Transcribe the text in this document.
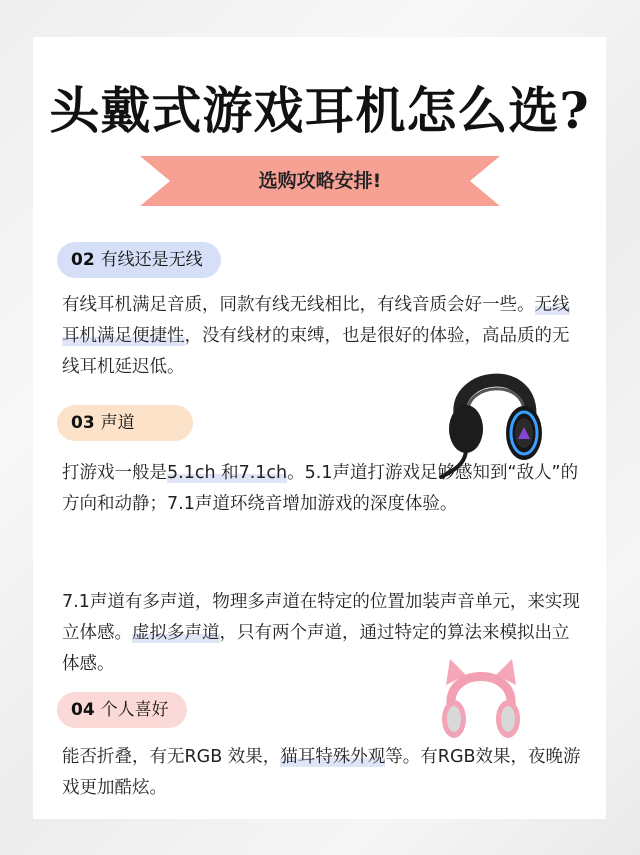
头戴式游戏耳机怎么选?
选购攻略安排!
02 有线还是无线

有线耳机满足音质，同款有线无线相比，有线音质会好一些。无线耳机满足便捷性，没有线材的束缚，也是很好的体验，高品质的无线耳机延迟低。

03 声道

打游戏一般是5.1ch 和7.1ch。5.1声道打游戏足够感知到“敌人”的方向和动静；7.1声道环绕音增加游戏的深度体验。

7.1声道有多声道，物理多声道在特定的位置加装声音单元，来实现立体感。虚拟多声道，只有两个声道，通过特定的算法来模拟出立体感。

04 个人喜好

能否折叠，有无RGB 效果，猫耳特殊外观等。有RGB效果，夜晚游戏更加酷炫。
